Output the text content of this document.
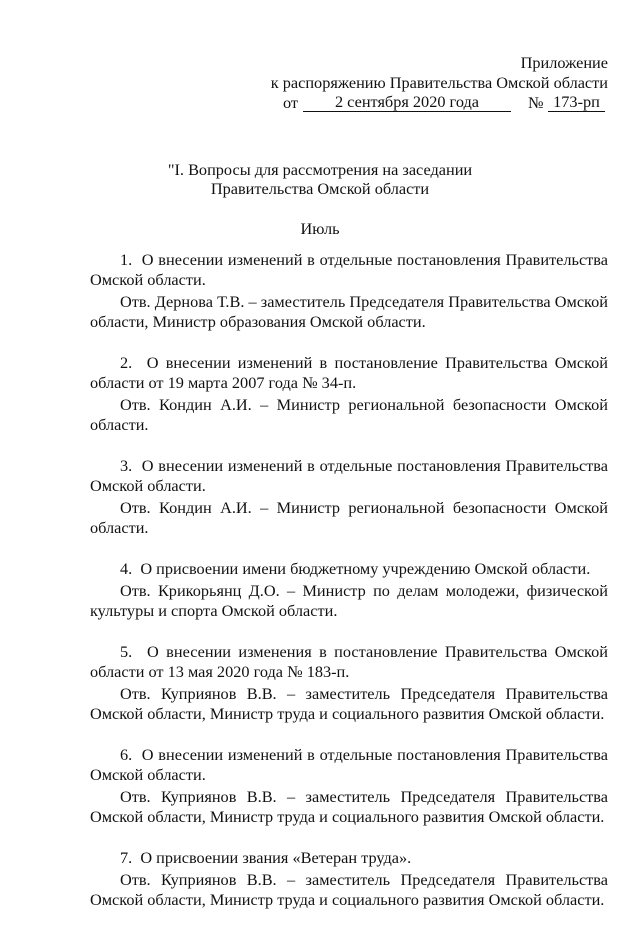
Приложение
к распоряжению Правительства Омской области
от	2 сентября 2020 года	№ 173-рп
"I. Вопросы для рассмотрения на заседании
Правительства Омской области
Июль

1. О внесении изменений в отдельные постановления Правительства Омской области.

Отв. Дернова Т.В. – заместитель Председателя Правительства Омской области, Министр образования Омской области.

2. О внесении изменений в постановление Правительства Омской области от 19 марта 2007 года № 34-п.

Отв. Кондин А.И. – Министр региональной безопасности Омской области.

3. О внесении изменений в отдельные постановления Правительства Омской области.

Отв. Кондин А.И. – Министр региональной безопасности Омской области.

4. О присвоении имени бюджетному учреждению Омской области.

Отв. Крикорьянц Д.О. – Министр по делам молодежи, физической культуры и спорта Омской области.

5. О внесении изменения в постановление Правительства Омской области от 13 мая 2020 года № 183-п.

Отв. Куприянов В.В. – заместитель Председателя Правительства Омской области, Министр труда и социального развития Омской области.

6. О внесении изменений в отдельные постановления Правительства Омской области.

Отв. Куприянов В.В. – заместитель Председателя Правительства Омской области, Министр труда и социального развития Омской области.

7. О присвоении звания «Ветеран труда».

Отв. Куприянов В.В. – заместитель Председателя Правительства Омской области, Министр труда и социального развития Омской области.
